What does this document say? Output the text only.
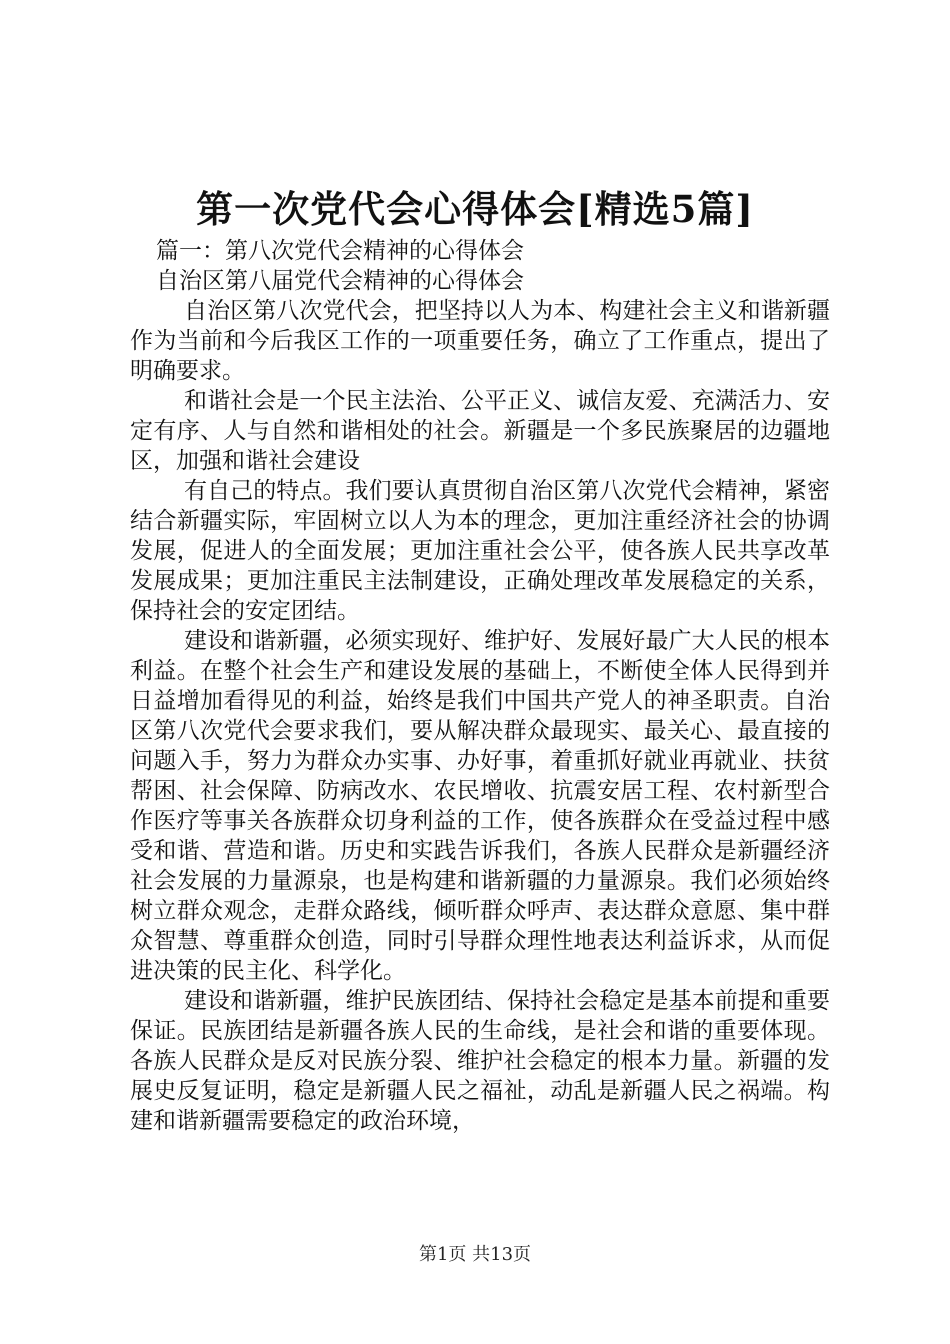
第一次党代会心得体会[精选5篇]

篇一：第八次党代会精神的心得体会

自治区第八届党代会精神的心得体会

自治区第八次党代会，把坚持以人为本、构建社会主义和谐新疆作为当前和今后我区工作的一项重要任务，确立了工作重点，提出了明确要求。

和谐社会是一个民主法治、公平正义、诚信友爱、充满活力、安定有序、人与自然和谐相处的社会。新疆是一个多民族聚居的边疆地区，加强和谐社会建设

有自己的特点。我们要认真贯彻自治区第八次党代会精神，紧密结合新疆实际，牢固树立以人为本的理念，更加注重经济社会的协调发展，促进人的全面发展；更加注重社会公平，使各族人民共享改革发展成果；更加注重民主法制建设，正确处理改革发展稳定的关系，保持社会的安定团结。

建设和谐新疆，必须实现好、维护好、发展好最广大人民的根本利益。在整个社会生产和建设发展的基础上，不断使全体人民得到并日益增加看得见的利益，始终是我们中国共产党人的神圣职责。自治区第八次党代会要求我们，要从解决群众最现实、最关心、最直接的问题入手，努力为群众办实事、办好事，着重抓好就业再就业、扶贫帮困、社会保障、防病改水、农民增收、抗震安居工程、农村新型合作医疗等事关各族群众切身利益的工作，使各族群众在受益过程中感受和谐、营造和谐。历史和实践告诉我们，各族人民群众是新疆经济社会发展的力量源泉，也是构建和谐新疆的力量源泉。我们必须始终树立群众观念，走群众路线，倾听群众呼声、表达群众意愿、集中群众智慧、尊重群众创造，同时引导群众理性地表达利益诉求，从而促进决策的民主化、科学化。

建设和谐新疆，维护民族团结、保持社会稳定是基本前提和重要保证。民族团结是新疆各族人民的生命线，是社会和谐的重要体现。各族人民群众是反对民族分裂、维护社会稳定的根本力量。新疆的发展史反复证明，稳定是新疆人民之福祉，动乱是新疆人民之祸端。构建和谐新疆需要稳定的政治环境，

第1页 共13页
